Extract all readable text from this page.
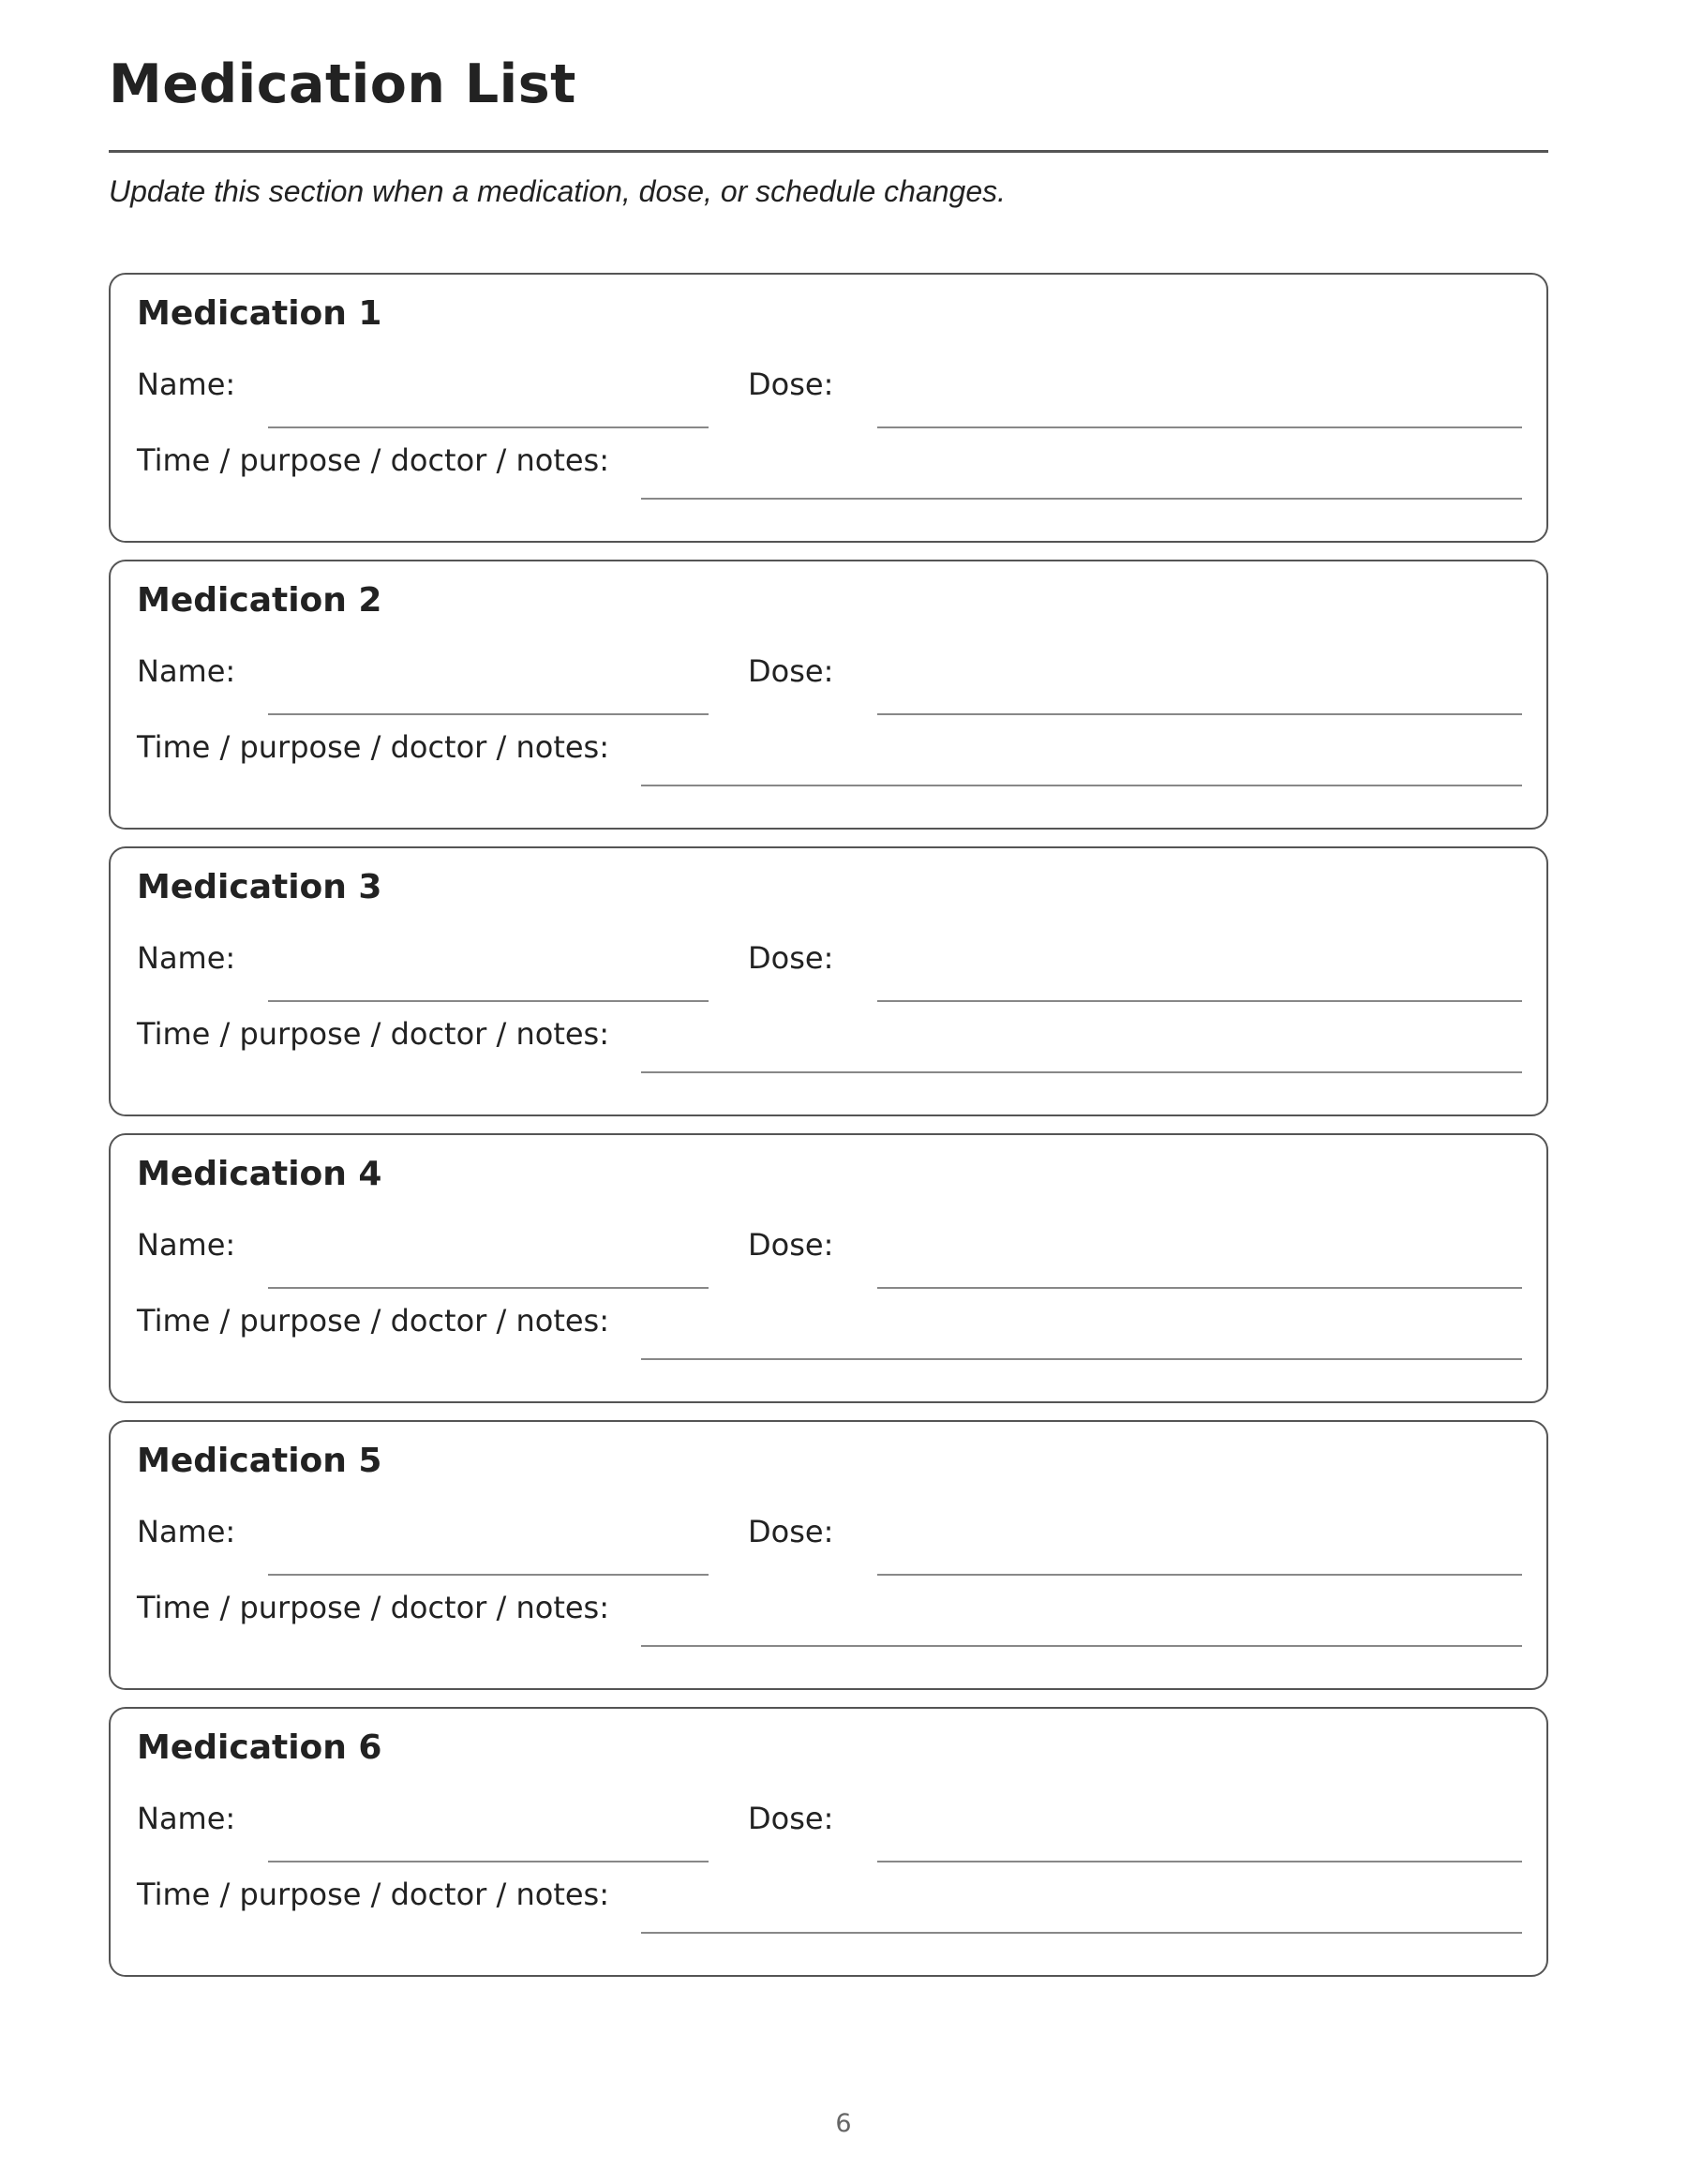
Medication List
Update this section when a medication, dose, or schedule changes.
Medication 1
Name:	Dose:
Time / purpose / doctor / notes:
Medication 2
Name:	Dose:
Time / purpose / doctor / notes:
Medication 3
Name:	Dose:
Time / purpose / doctor / notes:
Medication 4
Name:	Dose:
Time / purpose / doctor / notes:
Medication 5
Name:	Dose:
Time / purpose / doctor / notes:
Medication 6
Name:	Dose:
Time / purpose / doctor / notes:
6
